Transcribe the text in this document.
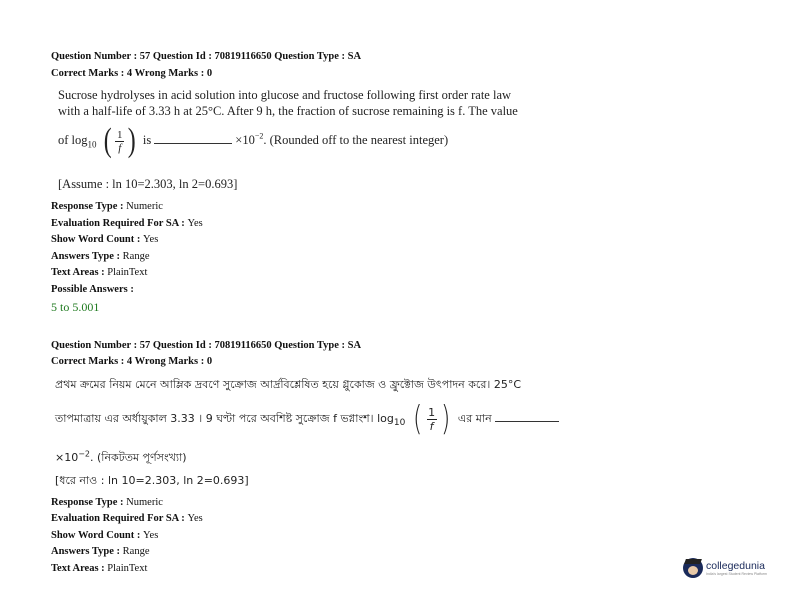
Question Number : 57 Question Id : 70819116650 Question Type : SA
Correct Marks : 4 Wrong Marks : 0
Sucrose hydrolyses in acid solution into glucose and fructose following first order rate law
with a half-life of 3.33 h at 25°C. After 9 h, the fraction of sucrose remaining is f. The value
of $\log_{10}$ ( $\frac{1}{f}$ ) is	$\times 10^{-2}$. (Rounded off to the nearest integer)
[Assume : ln 10=2.303, ln 2=0.693]
Response Type : Numeric
Evaluation Required For SA : Yes
Show Word Count : Yes
Answers Type : Range
Text Areas : PlainText
Possible Answers :
5 to 5.001
Question Number : 57 Question Id : 70819116650 Question Type : SA
Correct Marks : 4 Wrong Marks : 0
প্রথম ক্রমের নিয়ম মেনে আম্লিক দ্রবণে সুক্রোজ আর্দ্রবিশ্লেষিত হয়ে গ্লুকোজ ও ফ্রুক্টোজ উৎপাদন করে। 25°C
তাপমাত্রায় এর অর্ধায়ুকাল 3.33 । 9 ঘণ্টা পরে অবশিষ্ট সুক্রোজ f ভগ্নাংশ। $\log_{10}$ ( $\frac{1}{f}$ ) এর মান
$\times 10^{-2}$. (নিকটতম পূর্ণসংখ্যা)
[ধরে নাও : ln 10=2.303, ln 2=0.693]
Response Type : Numeric
Evaluation Required For SA : Yes
Show Word Count : Yes
Answers Type : Range
Text Areas : PlainText	collegedunia
India's largest Student Review Platform
